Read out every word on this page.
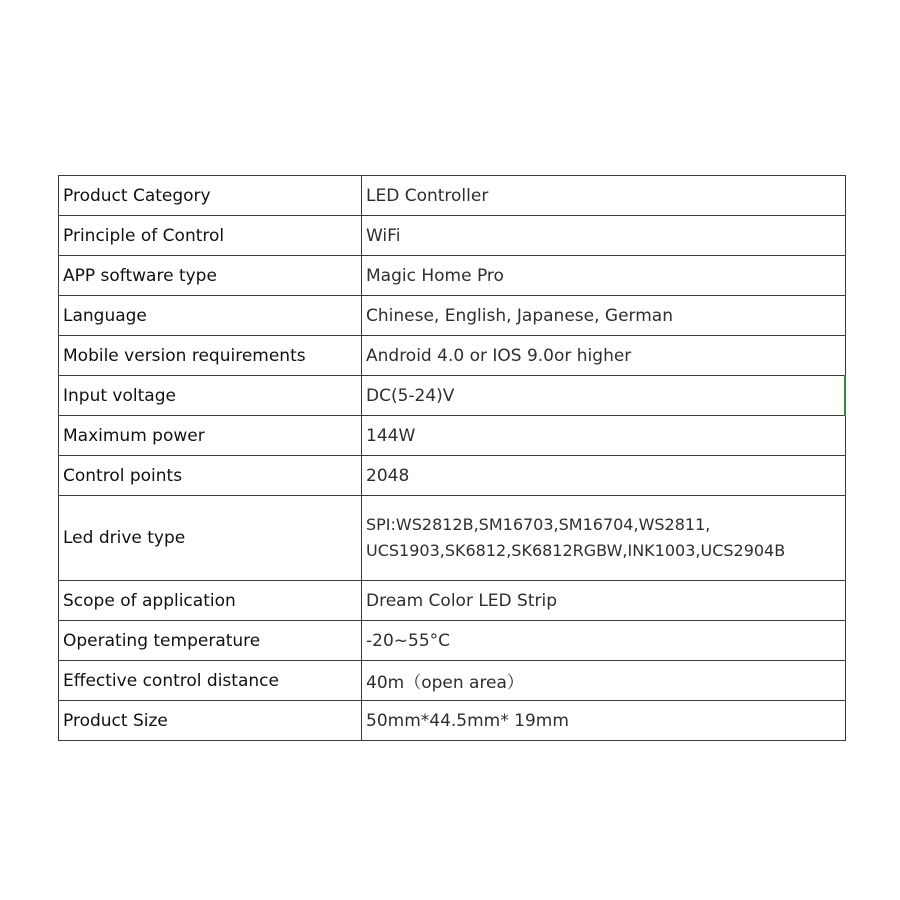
Product Category	LED Controller
Principle of Control	WiFi
APP software type	Magic Home Pro
Language	Chinese, English, Japanese, German
Mobile version requirements	Android 4.0 or IOS 9.0or higher
Input voltage	DC(5-24)V
Maximum power	144W
Control points	2048
Led drive type	SPI:WS2812B,SM16703,SM16704,WS2811,
UCS1903,SK6812,SK6812RGBW,INK1003,UCS2904B

Scope of application	Dream Color LED Strip
Operating temperature	-20~55°C
Effective control distance	40m（open area）
Product Size	50mm*44.5mm* 19mm
